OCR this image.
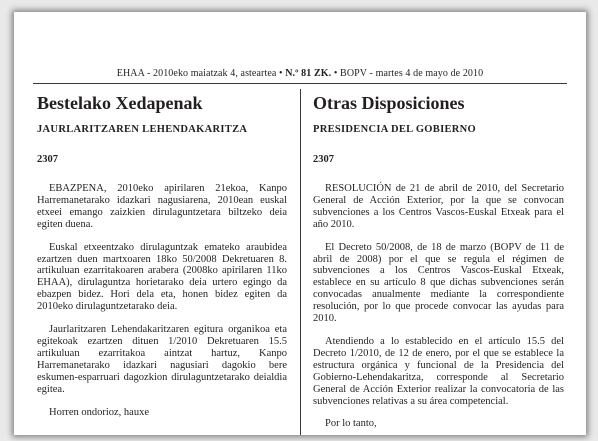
EHAA - 2010eko maiatzak 4, asteartea • N.º 81 ZK. • BOPV - martes 4 de mayo de 2010
Bestelako Xedapenak
JAURLARITZAREN LEHENDAKARITZA
2307

EBAZPENA, 2010eko apirilaren 21ekoa, Kanpo Harremanetarako idazkari nagusiarena, 2010ean euskal etxeei emango zaizkien dirulaguntzetara biltzeko deia egiten duena.

Euskal etxeentzako dirulaguntzak emateko araubidea ezartzen duen martxoaren 18ko 50/2008 Dekretuaren 8. artikuluan ezarritakoaren arabera (2008ko apirilaren 11ko EHAA), dirulaguntza horietarako deia urtero egingo da ebazpen bidez. Hori dela eta, honen bidez egiten da 2010eko dirulaguntzetarako deia.

Jaurlaritzaren Lehendakaritzaren egitura organikoa eta egitekoak ezartzen dituen 1/2010 Dekretuaren 15.5 artikuluan ezarritakoa aintzat hartuz, Kanpo Harremanetarako idazkari nagusiari dagokio bere eskumen-esparruari dagozkion dirulaguntzetarako deialdia egitea.

Horren ondorioz, hauxe

Otras Disposiciones
PRESIDENCIA DEL GOBIERNO
2307

RESOLUCIÓN de 21 de abril de 2010, del Secretario General de Acción Exterior, por la que se convocan subvenciones a los Centros Vascos-Euskal Etxeak para el año 2010.

El Decreto 50/2008, de 18 de marzo (BOPV de 11 de abril de 2008) por el que se regula el régimen de subvenciones a los Centros Vascos-Euskal Etxeak, establece en su artículo 8 que dichas subvenciones serán convocadas anualmente mediante la correspondiente resolución, por lo que procede convocar las ayudas para 2010.

Atendiendo a lo establecido en el artículo 15.5 del Decreto 1/2010, de 12 de enero, por el que se establece la estructura orgánica y funcional de la Presidencia del Gobierno-Lehendakaritza, corresponde al Secretario General de Acción Exterior realizar la convocatoria de las subvenciones relativas a su área competencial.

Por lo tanto,
